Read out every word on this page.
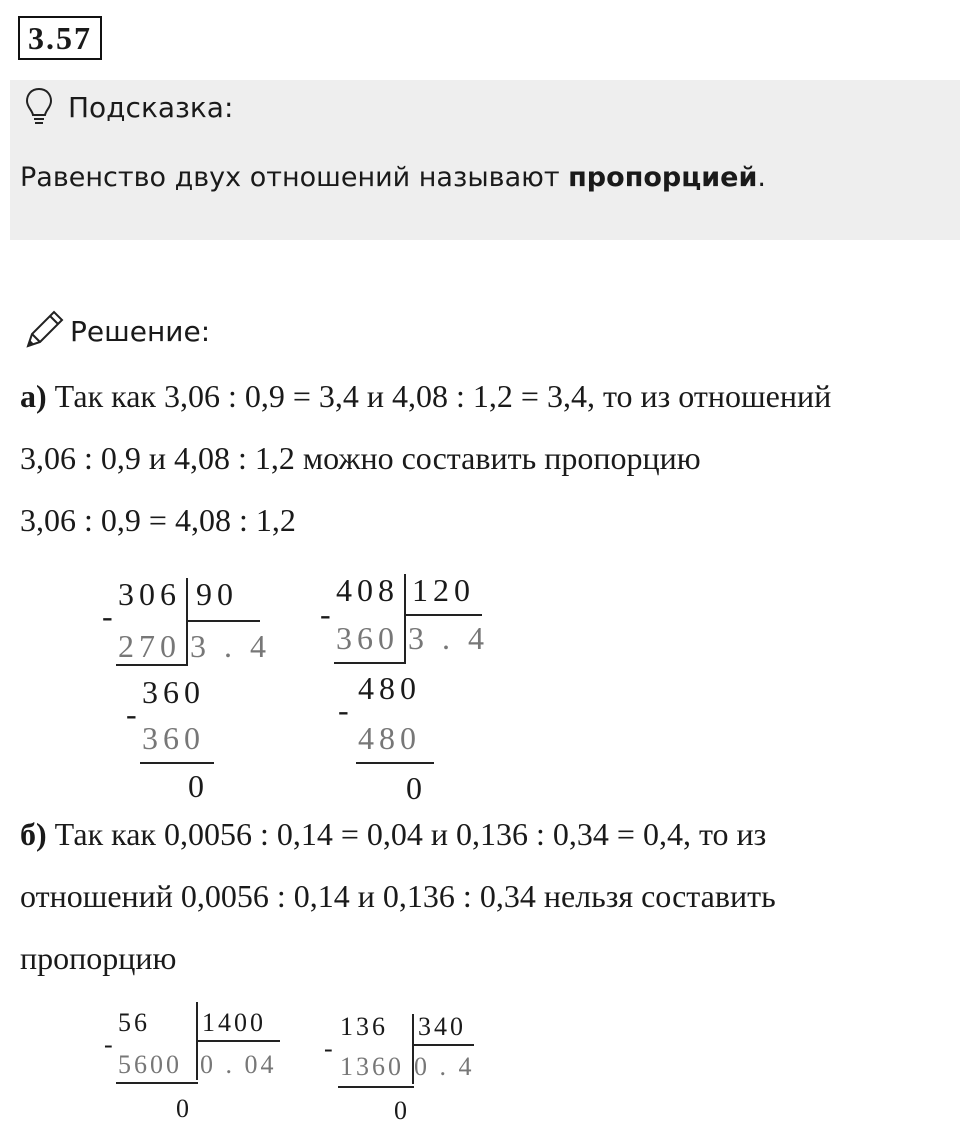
3.57
Подсказка:
Равенство двух отношений называют пропорцией.
Решение:
а) Так как 3,06 : 0,9 = 3,4 и 4,08 : 1,2 = 3,4, то из отношений
3,06 : 0,9 и 4,08 : 1,2 можно составить пропорцию
3,06 : 0,9 = 4,08 : 1,2
306 90
-
270 3 . 4
360
-
360
0
408 120
-
360 3 . 4
480
-
480
0
б) Так как 0,0056 : 0,14 = 0,04 и 0,136 : 0,34 = 0,4, то из
отношений 0,0056 : 0,14 и 0,136 : 0,34 нельзя составить
пропорцию
56 1400
-
5600 0 . 04
0
136 340
-
1360 0 . 4
0
